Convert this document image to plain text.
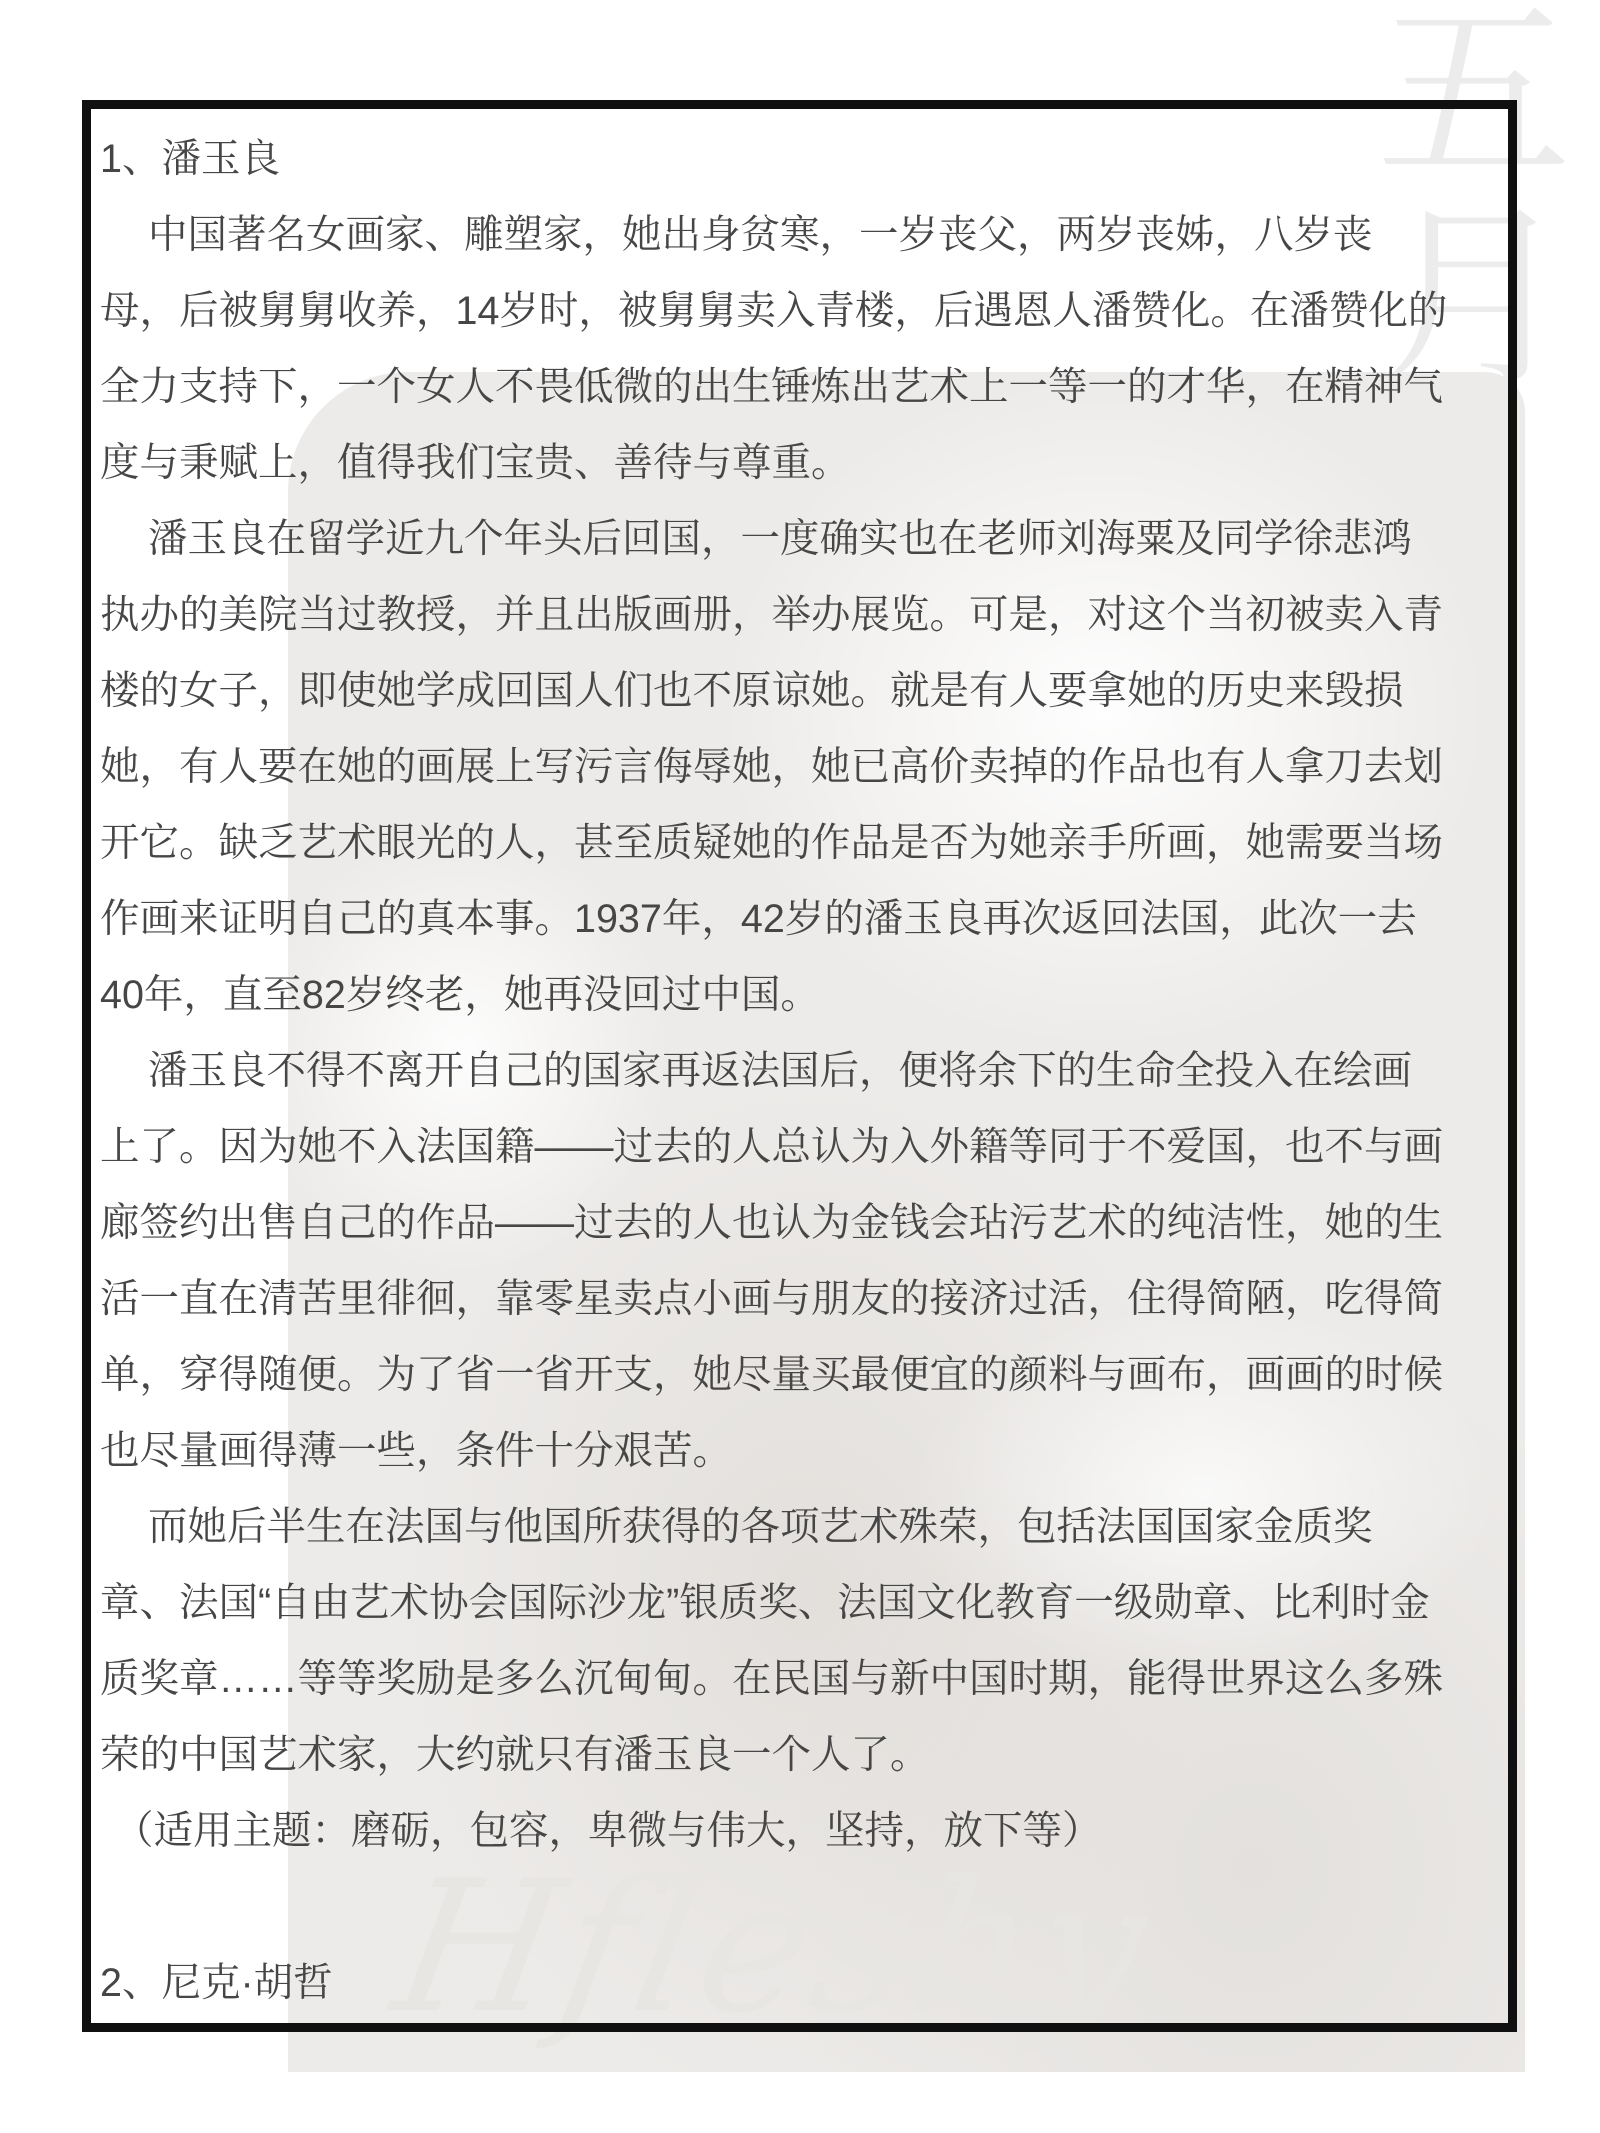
五
月
Hfleshy
1、潘玉良
中国著名女画家、雕塑家，她出身贫寒，一岁丧父，两岁丧姊，八岁丧
母，后被舅舅收养，14岁时，被舅舅卖入青楼，后遇恩人潘赞化。在潘赞化的
全力支持下，一个女人不畏低微的出生锤炼出艺术上一等一的才华，在精神气
度与秉赋上，值得我们宝贵、善待与尊重。
潘玉良在留学近九个年头后回国，一度确实也在老师刘海粟及同学徐悲鸿
执办的美院当过教授，并且出版画册，举办展览。可是，对这个当初被卖入青
楼的女子，即使她学成回国人们也不原谅她。就是有人要拿她的历史来毁损
她，有人要在她的画展上写污言侮辱她，她已高价卖掉的作品也有人拿刀去划
开它。缺乏艺术眼光的人，甚至质疑她的作品是否为她亲手所画，她需要当场
作画来证明自己的真本事。1937年，42岁的潘玉良再次返回法国，此次一去
40年，直至82岁终老，她再没回过中国。
潘玉良不得不离开自己的国家再返法国后，便将余下的生命全投入在绘画
上了。因为她不入法国籍——过去的人总认为入外籍等同于不爱国，也不与画
廊签约出售自己的作品——过去的人也认为金钱会玷污艺术的纯洁性，她的生
活一直在清苦里徘徊，靠零星卖点小画与朋友的接济过活，住得简陋，吃得简
单，穿得随便。为了省一省开支，她尽量买最便宜的颜料与画布，画画的时候
也尽量画得薄一些，条件十分艰苦。
而她后半生在法国与他国所获得的各项艺术殊荣，包括法国国家金质奖
章、法国“自由艺术协会国际沙龙”银质奖、法国文化教育一级勋章、比利时金
质奖章……等等奖励是多么沉甸甸。在民国与新中国时期，能得世界这么多殊
荣的中国艺术家，大约就只有潘玉良一个人了。
（适用主题：磨砺，包容，卑微与伟大，坚持，放下等）
2、尼克·胡哲
